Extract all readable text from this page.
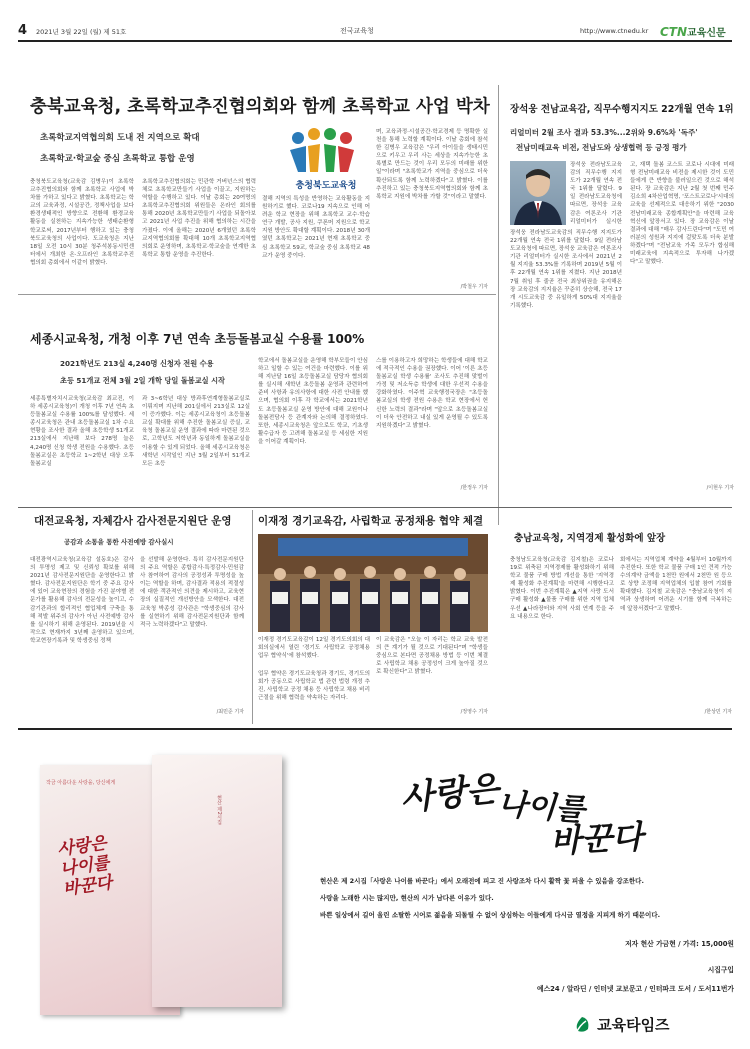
4 2021년 3월 22일 (월) 제 51호	전국교육청	http://www.ctnedu.kr CTN교육신문
충북교육청, 초록학교추진협의회와 함께 초록학교 사업 박차
초록학교지역협의회 도내 전 지역으로 확대
초록학교·학교숲 중심 초록학교 통합 운영
충청북도교육청
충청북도교육청(교육감 김병우)이 초록학교추진협의회와 함께 초록학교 사업에 박차를 가하고 있다고 밝혔다. 초록학교는 학교의 교육과정, 시설공간, 정책사업을 보다 환경생태적인 방향으로 전환해 환경교육 활동을 실천하는 지속가능한 생태순환형 학교로써, 2017년부터 행하고 있는 충청북도교육청의 사업이다. 도교육청은 지난 18일 오전 10시 30분 청주석봉동시민센터에서 개최한 온·오프라인 초록학교추진협의회 총회에서 이같이 밝혔다.
초록학교추진협의회는 민관학 거버넌스의 협력체로 초록학교만들기 사업을 이끌고, 지원하는 역할을 수행하고 있다. 이날 총회는 20여명의 초록학교추진협의회 위원들은 온라인 회의를 통해 2020년 초록학교만들기 사업을 되돌아보고 2021년 사업 추진을 위해 협의하는 시간을 가졌다. 이에 올해는 2020년 6개였던 초록학교지역협의회를 확대해 10개 초록학교지역협의회로 운영하며, 초록학교·학교숲을 연계한 초록학교 통합 운영을 추진한다.
결해 지역의 특성을 반영하는 교육활동을 지원하기로 했다. 코로나19 지속으로 인해 어려운 학교 현장을 위해 초록학교 교수·학습 연구 개발, 공사 지원, 쿠폰머 지원으로 학교 지원 방안도 확대할 계획이다. 2018년 30개였던 초록학교는 2021년 현재 초록학교 중심 초록학교 59교, 학교숲 중심 초록학교 48교가 운영 중이다.
며, 교육과정·시설공간·학교경제 등 명확한 실천을 통해 노력할 계획이다. 이날 총회에 참석한 김병우 교육감은 "우리 아이들을 생태시민으로 키우고 우리 사는 세상을 지속가능한 초록별로 만드는 것이 우리 모두의 미래를 위한 일"이라며 "초록학교가 지역을 중심으로 더욱 확산되도록 함께 노력하겠다"고 밝혔다. 이를 추진하고 있는 충청북도지역협의회와 함께 초록학교 지원에 박차를 가할 것"이라고 말했다.
/박철우 기자
장석웅 전남교육감, 직무수행지지도 22개월 연속 1위
리얼미터 2월 조사 결과 53.3%...2위와 9.6%차 '독주'
전남미래교육 비전, 전남도와 상생협력 등 긍정 평가
장석웅 전라남도교육감의 직무수행 지지도가 22개월 연속 전국 1위를 달렸다. 9일 전라남도교육청에 따르면, 장석웅 교육감은 여론조사 기관 리얼미터가 실시한
장석웅 전라남도교육감의 직무수행 지지도가 22개월 연속 전국 1위를 달렸다. 9일 전라남도교육청에 따르면, 장석웅 교육감은 여론조사 기관 리얼미터가 실시한 조사에서 2021년 2월 지지율 53.3%를 기록하며 2019년 5월 이후 22개월 연속 1위를 지켰다. 지난 2018년 7월 취임 후 줄곧 전국 최상위권을 유지해온 장 교육감의 지지율은 꾸준히 상승해, 전국 17개 시도교육감 중 유일하게 50%대 지지율을 기록했다.
고, 재택 돌봄 코스트 코로나 시대에 미래형 전남미래교육 비전을 제시한 것이 도민들에게 큰 반향을 불러일으킨 것으로 해석된다. 장 교육감은 지난 2월 첫 번째 민주김소희 4차산업혁명, '포스트코로나'시대의 교육을 선제적으로 대응하기 위한 "2030 전남미래교육 종합계획안"을 마련해 교육혁신에 앞장서고 있다. 장 교육감은 이날 결과에 대해 "매우 감사드린다"며 "도민 여러분의 성원과 지지에 걸맞도록 더욱 분발하겠다"며 "전남교육 가족 모두가 합심해 미래교육에 지속적으로 투자해 나가겠다"고 말했다.
/이현우 기자
세종시교육청, 개청 이후 7년 연속 초등돌봄교실 수용률 100%
2021학년도 213실 4,240명 신청자 전원 수용
초등 51개교 전체 3월 2일 개학 당일 돌봄교실 시작
세종특별자치시교육청(교육감 최교진, 이하 세종시교육청)이 개청 이후 7년 연속 초등돌봄교실 수용률 100%를 달성했다. 세종시교육청은 관내 초등돌봄교실 1차 수요 현황을 조사한 결과 올해 초등학생 51개교 213실에서 지난해 보다 278명 늘은 4,240명 신청 학생 전원을 수용했다. 초등돌봄교실은 초등학교 1~2학년 대상 오후돌봄교실
과 3~6학년 대상 방과후연계형돌봄교실로 이뤄지며 지난해 201실에서 213실로 12실이 증가했다. 이는 세종시교육청이 초등돌봄교실 확대를 위해 추진한 돌봄교실 증실, 교육청 돌봄교실 운영 결과에 따라 마련된 것으로, 고학년도 저학년과 동일하게 돌봄교실을 이용할 수 있게 되었다. 올해 세종시교육청은 새학년 시작일인 지난 3월 2일부터 51개교 모든 초등
학교에서 돌봄교실을 운영해 학부모들이 안심하고 일할 수 있는 여건을 마련했다. 이를 위해 지난달 16일 초등돌봄교실 담당자 협의회를 실시해 새학년 초등돌봄 운영과 관련하여 준비 사항과 유의사항에 대한 사전 안내를 했으며, 협의회 이후 각 학교에서는 2021학년도 초등돌봄교실 운영 방안에 대해 교원이나 돌봄전담사 등 관계자와 논의해 결정하였다. 또한, 세종시교육청은 앞으로도 학교, 기초생활수급자 등 고려해 돌봄교실 등 세심한 지원을 이어갈 계획이다.
스를 이용하고자 희망하는 학생들에 대해 학교에 적극적인 수용을 권장했다. 이어 '이른 초등돌봄교실 학생 수용률' 조사도 추진해 맞벌이 가정 및 저소득층 학생에 대한 우선적 수용을 강화하였다. 이주혁 교육행정국장은 "초등돌봄교실의 학생 전원 수용은 학교 현장에서 헌신한 노력의 결과"라며 "앞으로 초등돌봄교실이 더욱 안전하고 내실 있게 운영될 수 있도록 지원하겠다"고 밝혔다.
/한정우 기자
대전교육청, 자체감사 감사전문지원단 운영
공감과 소통을 통한 사전예방 감사실시
대전광역시교육청(교육감 설동호)은 감사의 투명성 제고 및 신뢰성 확보를 위해 2021년 감사전문지원단을 운영한다고 밝혔다. 감사전문지원단은 학기 중 주요 감사에 있어 교육현장의 경험을 가진 분야별 전문가를 활용해 감사의 전문성을 높이고, 수감기관과의 합리적인 협업체계 구축을 통해 적발 위주의 감사가 아닌 사전예방 감사를 실시하기 위해 운영된다. 2019년을 시작으로 현재까지 3년째 운영하고 있으며, 학교현장기록과 및 학생중심 정책
을 선발해 운영한다. 특히 감사전문지원단의 주요 역할은 종합감사·특정감사·민원감사 참여하여 감사의 공정성과 투명성을 높이는 역할을 하며, 감사결과 적용의 적절성에 대한 객관적인 의견을 제시하고, 교육현장의 실질적인 개선방안을 모색한다. 대전교육청 박종성 감사관은 "학생중심의 감사를 실현하기 위해 감사전문지원단과 함께 적극 노력하겠다"고 말했다.
/최민준 기자
이재정 경기교육감, 사립학교 공정채용 협약 체결
이재정 경기도교육감이 12일 경기도의회의 대회의실에서 열린 '경기도 사립학교 공정채용 업무 협약식'에 참석했다.
업무 협약은 경기도교육청과 경기도, 경기도의회가 공동으로 사립학교 법 관련 법령 개정 추진, 사립학교 공정 채용 등 사립학교 채용 비리 근절을 위해 협력을 약속하는 자리다.
이 교육감은 "오늘 이 자리는 학교 교육 발전의 큰 계기가 될 것으로 기대된다"며 "학생들 중심으로 본다면 공정채용 방법 등 이번 체결로 사립학교 채용 공정성이 크게 높아질 것으로 확신한다"고 밝혔다.
/정영수 기자
충남교육청, 지역경제 활성화에 앞장
충청남도교육청(교육감 김지철)은 코로나19로 위축된 지역경제를 활성화하기 위해 학교 물품 구매 방법 개선을 통한 '지역경제 활성화 추진계획'을 마련해 시행한다고 밝혔다. 이번 추진계획은 ▲지역 사랑 도서 구매 활성화 ▲물품 구매를 위한 지역 업체 우선 ▲나라장터와 지역 사회 연계 등을 주요 내용으로 한다.
회에서는 지역업체 계약을 4월부터 10월까지 추진한다. 또한 학교 물품 구매 1인 견적 가능 수의계약 금액을 1천만 원에서 2천만 원 등으로 상향 조정해 지역업체의 입찰 참여 기회를 확대했다. 김지철 교육감은 "충남교육청이 지역과 상생하며 어려운 시기를 함께 극복하는 데 앞장서겠다"고 말했다.
/한상민 기자
작금 아름다운 사랑을, 당신에게
사랑은 나이를 바꾼다
현산 제2시집	사랑은
나이를
바꾼다
현산은 제 2시집「사랑은 나이를 바꾼다」에서 오래전에 피고 진 사랑조차 다시 활짝 꽃 피울 수 있음을 강조한다.
사랑을 노래한 시는 많지만, 현산의 시가 남다른 이유가 있다.
바쁜 일상에서 길어 올린 소탈한 시어로 젊음을 되돌릴 수 없어 상심하는 이들에게 다시금 열정을 지피게 하기 때문이다.
저자 현산 가금현 / 가격: 15,000원
시집구입
예스24 / 알라딘 / 인터넷 교보문고 / 인터파크 도서 / 도서11번가
교육타임즈
